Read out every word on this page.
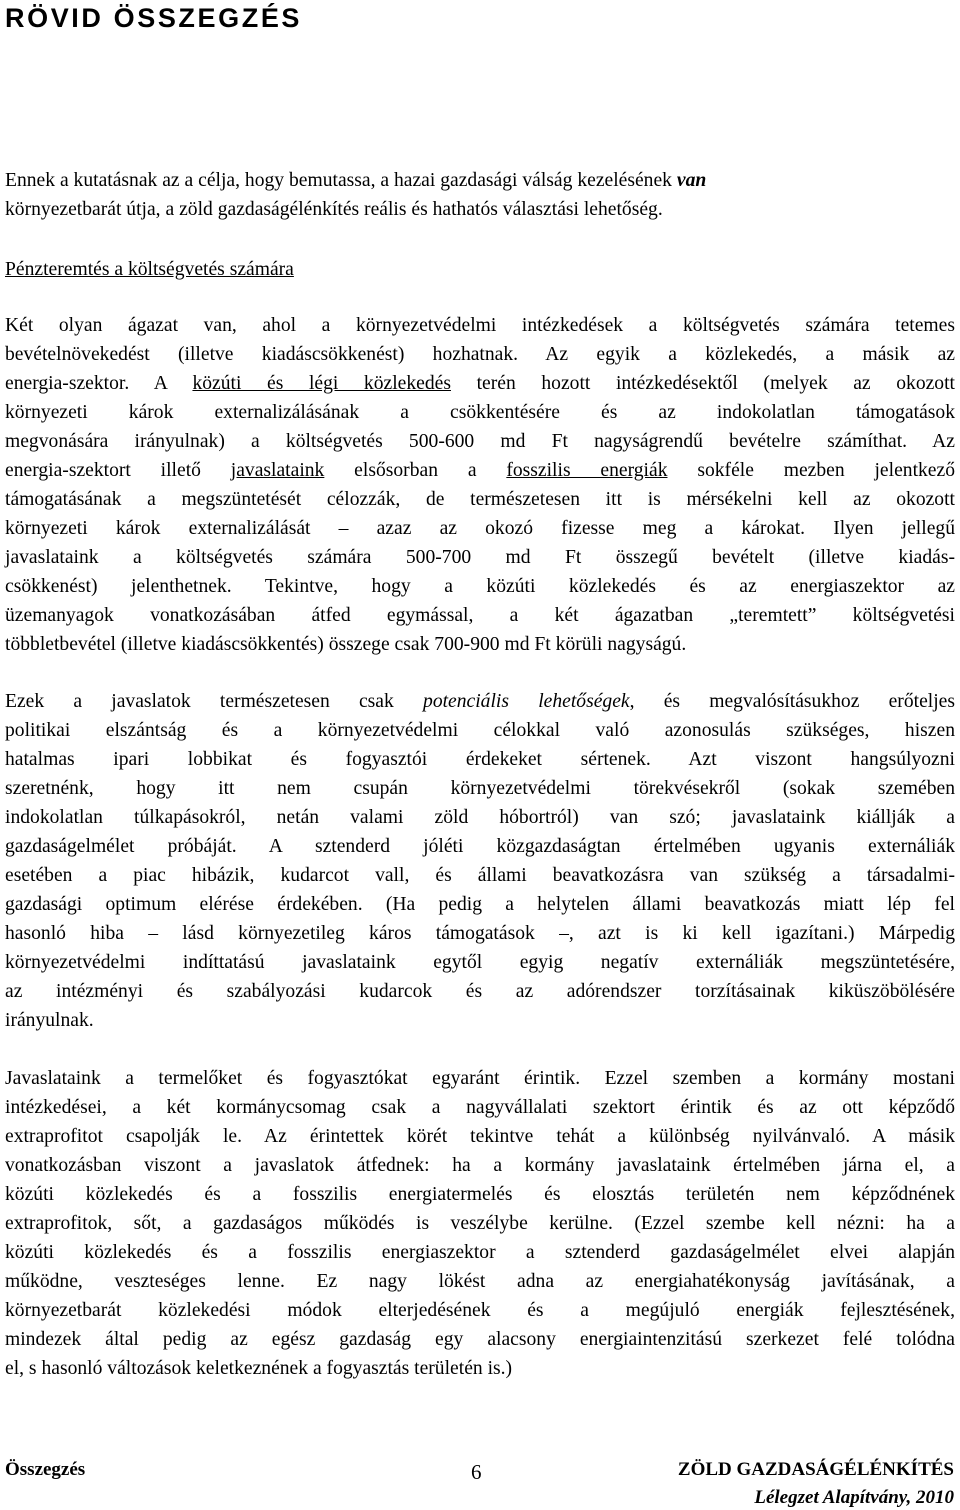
RÖVID ÖSSZEGZÉS

Ennek a kutatásnak az a célja, hogy bemutassa, a hazai gazdasági válság kezelésének van
környezetbarát útja, a zöld gazdaságélénkítés reális és hathatós választási lehetőség.

Pénzteremtés a költségvetés számára

Két olyan ágazat van, ahol a környezetvédelmi intézkedések a költségvetés számára tetemes
bevételnövekedést (illetve kiadáscsökkenést) hozhatnak. Az egyik a közlekedés, a másik az
energia-szektor. A közúti és légi közlekedés terén hozott intézkedésektől (melyek az okozott
környezeti károk externalizálásának a csökkentésére és az indokolatlan támogatások
megvonására irányulnak) a költségvetés 500-600 md Ft nagyságrendű bevételre számíthat. Az
energia-szektort illető javaslataink elsősorban a fosszilis energiák sokféle mezben jelentkező
támogatásának a megszüntetését célozzák, de természetesen itt is mérsékelni kell az okozott
környezeti károk externalizálását – azaz az okozó fizesse meg a károkat. Ilyen jellegű
javaslataink a költségvetés számára 500-700 md Ft összegű bevételt (illetve kiadás-
csökkenést) jelenthetnek. Tekintve, hogy a közúti közlekedés és az energiaszektor az
üzemanyagok vonatkozásában átfed egymással, a két ágazatban „teremtett” költségvetési
többletbevétel (illetve kiadáscsökkentés) összege csak 700-900 md Ft körüli nagyságú.

Ezek a javaslatok természetesen csak potenciális lehetőségek, és megvalósításukhoz erőteljes
politikai elszántság és a környezetvédelmi célokkal való azonosulás szükséges, hiszen
hatalmas ipari lobbikat és fogyasztói érdekeket sértenek. Azt viszont hangsúlyozni
szeretnénk, hogy itt nem csupán környezetvédelmi törekvésekről (sokak szemében
indokolatlan túlkapásokról, netán valami zöld hóbortról) van szó; javaslataink kiállják a
gazdaságelmélet próbáját. A sztenderd jóléti közgazdaságtan értelmében ugyanis externáliák
esetében a piac hibázik, kudarcot vall, és állami beavatkozásra van szükség a társadalmi-
gazdasági optimum elérése érdekében. (Ha pedig a helytelen állami beavatkozás miatt lép fel
hasonló hiba – lásd környezetileg káros támogatások –, azt is ki kell igazítani.) Márpedig
környezetvédelmi indíttatású javaslataink egytől egyig negatív externáliák megszüntetésére,
az intézményi és szabályozási kudarcok és az adórendszer torzításainak kiküszöbölésére
irányulnak.

Javaslataink a termelőket és fogyasztókat egyaránt érintik. Ezzel szemben a kormány mostani
intézkedései, a két kormánycsomag csak a nagyvállalati szektort érintik és az ott képződő
extraprofitot csapolják le. Az érintettek körét tekintve tehát a különbség nyilvánvaló. A másik
vonatkozásban viszont a javaslatok átfednek: ha a kormány javaslataink értelmében járna el, a
közúti közlekedés és a fosszilis energiatermelés és elosztás területén nem képződnének
extraprofitok, sőt, a gazdaságos működés is veszélybe kerülne. (Ezzel szembe kell nézni: ha a
közúti közlekedés és a fosszilis energiaszektor a sztenderd gazdaságelmélet elvei alapján
működne, veszteséges lenne. Ez nagy lökést adna az energiahatékonyság javításának, a
környezetbarát közlekedési módok elterjedésének és a megújuló energiák fejlesztésének,
mindezek által pedig az egész gazdaság egy alacsony energiaintenzitású szerkezet felé tolódna
el, s hasonló változások keletkeznének a fogyasztás területén is.)

Összegzés	6	ZÖLD GAZDASÁGÉLÉNKÍTÉS
Lélegzet Alapítvány, 2010
